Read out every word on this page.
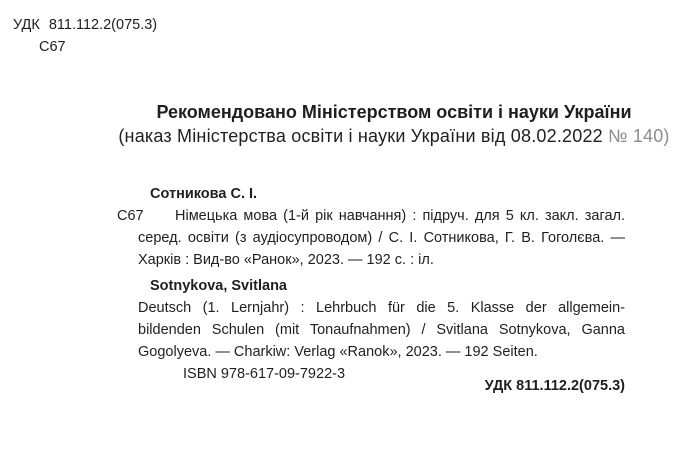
УДК 811.112.2(075.3)
С67
Рекомендовано Міністерством освіти і науки України
(наказ Міністерства освіти і науки України від 08.02.2022 № 140)
С67
Сотникова С. І.
Німецька мова (1-й рік навчання) : підруч. для 5 кл. закл. загал.
серед. освіти (з аудіосупроводом) / С. І. Сотникова, Г. В. Гоголєва. —
Харків : Вид-во «Ранок», 2023. — 192 с. : іл.
Sotnykova, Svitlana
Deutsch (1. Lernjahr) : Lehrbuch für die 5. Klasse der allgemein-
bildenden Schulen (mit Tonaufnahmen) / Svitlana Sotnykova, Ganna
Gogolyeva. — Charkiw: Verlag «Ranok», 2023. — 192 Seiten.
ISBN 978-617-09-7922-3
УДК 811.112.2(075.3)
